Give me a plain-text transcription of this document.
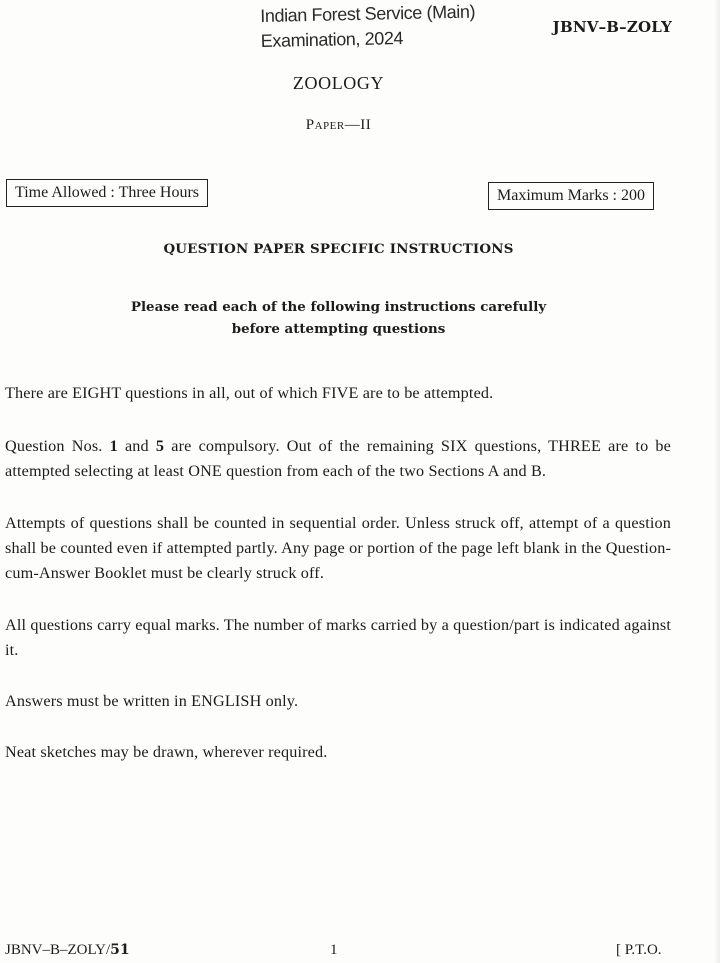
Indian Forest Service (Main)
Examination, 2024
JBNV–B–ZOLY
ZOOLOGY
Paper—II
Time Allowed : Three Hours	Maximum Marks : 200
QUESTION PAPER SPECIFIC INSTRUCTIONS
Please read each of the following instructions carefully
before attempting questions
There are EIGHT questions in all, out of which FIVE are to be attempted.
Question Nos. 1 and 5 are compulsory. Out of the remaining SIX questions, THREE are to be attempted selecting at least ONE question from each of the two Sections A and B.
Attempts of questions shall be counted in sequential order. Unless struck off, attempt of a question shall be counted even if attempted partly. Any page or portion of the page left blank in the Question-cum-Answer Booklet must be clearly struck off.
All questions carry equal marks. The number of marks carried by a question/part is indicated against it.
Answers must be written in ENGLISH only.
Neat sketches may be drawn, wherever required.
JBNV–B–ZOLY/51	1	[ P.T.O.
